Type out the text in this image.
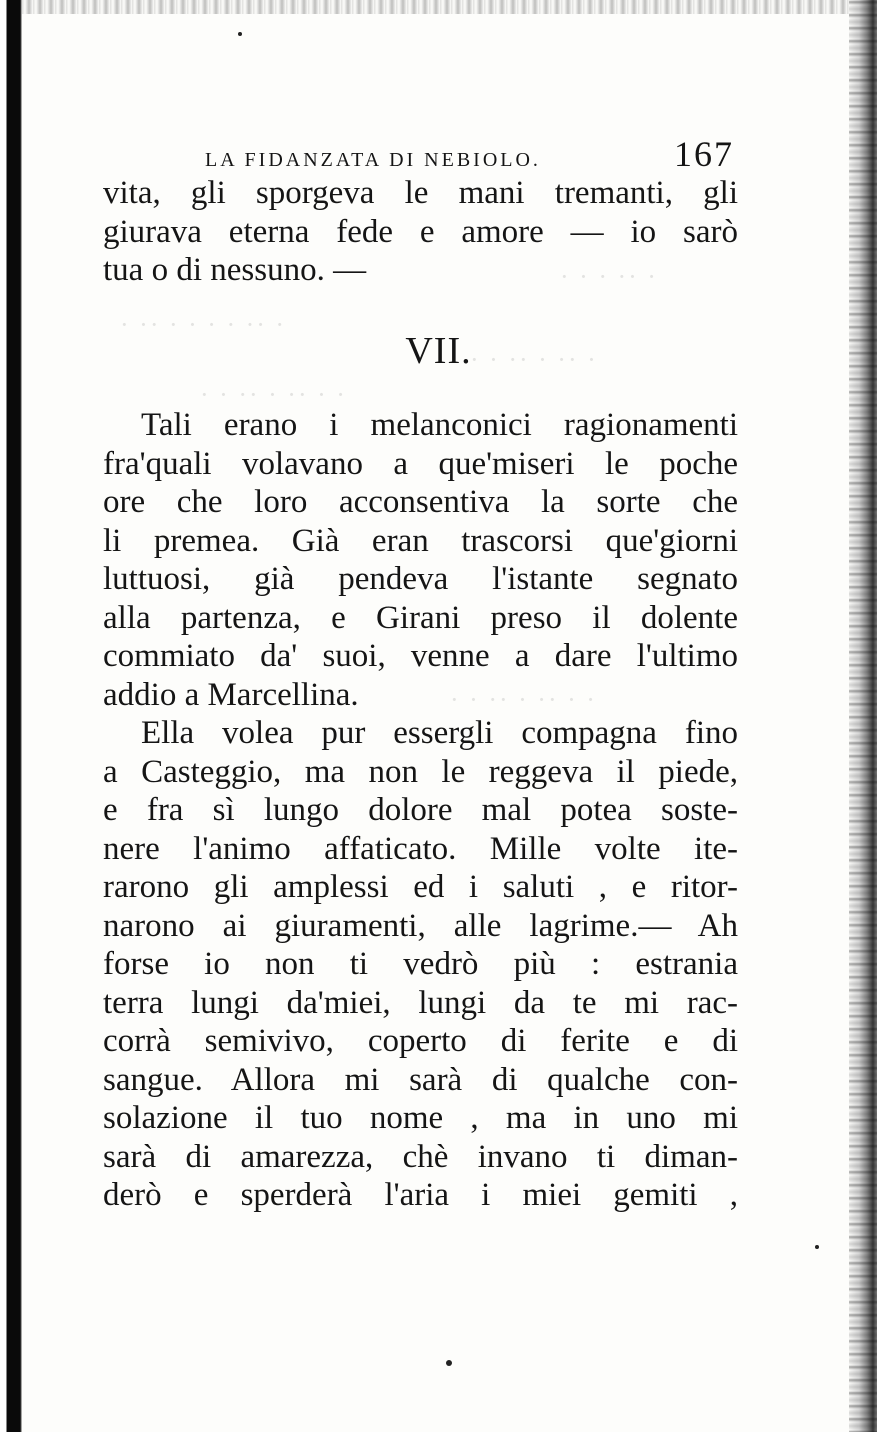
· · · ·· ·
· ·· · · · · ·· ·
· · ·· · ·· ·
· · ·· · ·· · ·
· · ·· · ·· · ·
LA FIDANZATA DI NEBIOLO.	167
vita, gli sporgeva le mani tremanti, gli
giurava eterna fede e amore — io sarò
tua o di nessuno. —
VII.
Tali erano i melanconici ragionamenti
fra'quali volavano a que'miseri le poche
ore che loro acconsentiva la sorte che
li premea. Già eran trascorsi que'giorni
luttuosi, già pendeva l'istante segnato
alla partenza, e Girani preso il dolente
commiato da' suoi, venne a dare l'ultimo
addio a Marcellina.
Ella volea pur essergli compagna fino
a Casteggio, ma non le reggeva il piede,
e fra sì lungo dolore mal potea soste-
nere l'animo affaticato. Mille volte ite-
rarono gli amplessi ed i saluti , e ritor-
narono ai giuramenti, alle lagrime.— Ah
forse io non ti vedrò più : estrania
terra lungi da'miei, lungi da te mi rac-
corrà semivivo, coperto di ferite e di
sangue. Allora mi sarà di qualche con-
solazione il tuo nome , ma in uno mi
sarà di amarezza, chè invano ti diman-
derò e sperderà l'aria i miei gemiti ,
